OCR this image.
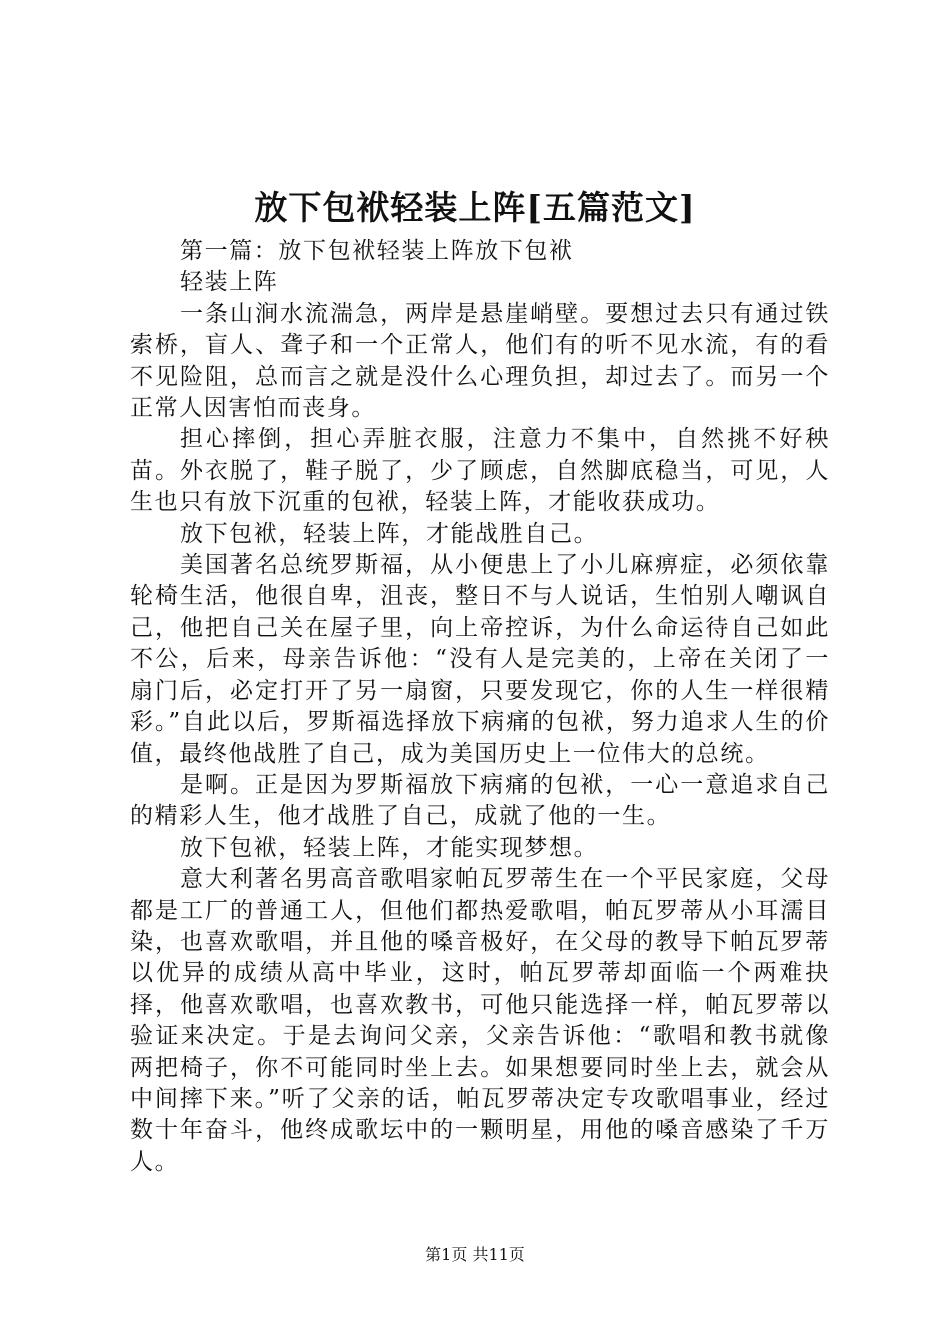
放下包袱轻装上阵[五篇范文]

第一篇：放下包袱轻装上阵放下包袱

轻装上阵

一条山涧水流湍急，两岸是悬崖峭壁。要想过去只有通过铁索桥，盲人、聋子和一个正常人，他们有的听不见水流，有的看不见险阻，总而言之就是没什么心理负担，却过去了。而另一个正常人因害怕而丧身。

担心摔倒，担心弄脏衣服，注意力不集中，自然挑不好秧苗。外衣脱了，鞋子脱了，少了顾虑，自然脚底稳当，可见，人生也只有放下沉重的包袱，轻装上阵，才能收获成功。

放下包袱，轻装上阵，才能战胜自己。

美国著名总统罗斯福，从小便患上了小儿麻痹症，必须依靠轮椅生活，他很自卑，沮丧，整日不与人说话，生怕别人嘲讽自己，他把自己关在屋子里，向上帝控诉，为什么命运待自己如此不公，后来，母亲告诉他：“没有人是完美的，上帝在关闭了一扇门后，必定打开了另一扇窗，只要发现它，你的人生一样很精彩。”自此以后，罗斯福选择放下病痛的包袱，努力追求人生的价值，最终他战胜了自己，成为美国历史上一位伟大的总统。

是啊。正是因为罗斯福放下病痛的包袱，一心一意追求自己的精彩人生，他才战胜了自己，成就了他的一生。

放下包袱，轻装上阵，才能实现梦想。

意大利著名男高音歌唱家帕瓦罗蒂生在一个平民家庭，父母都是工厂的普通工人，但他们都热爱歌唱，帕瓦罗蒂从小耳濡目染，也喜欢歌唱，并且他的嗓音极好，在父母的教导下帕瓦罗蒂以优异的成绩从高中毕业，这时，帕瓦罗蒂却面临一个两难抉择，他喜欢歌唱，也喜欢教书，可他只能选择一样，帕瓦罗蒂以验证来决定。于是去询问父亲，父亲告诉他：“歌唱和教书就像两把椅子，你不可能同时坐上去。如果想要同时坐上去，就会从中间摔下来。”听了父亲的话，帕瓦罗蒂决定专攻歌唱事业，经过数十年奋斗，他终成歌坛中的一颗明星，用他的嗓音感染了千万人。

第1页 共11页
